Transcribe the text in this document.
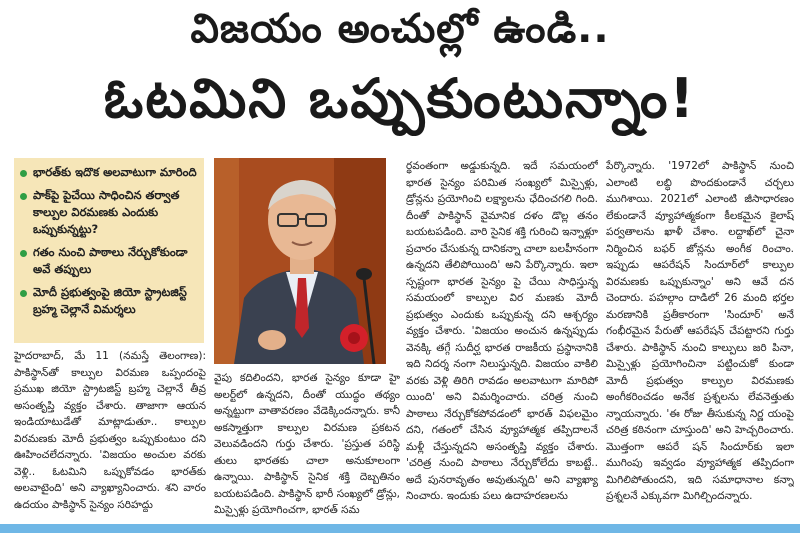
విజయం అంచుల్లో ఉండి..
ఓటమిని ఒప్పుకుంటున్నాం!
భారత్‌కు ఇదొక అలవాటుగా మారింది
పాక్‌పై పైచేయి సాధించిన తర్వాత కాల్పుల విరమణకు ఎందుకు ఒప్పుకున్నట్టు?
గతం నుంచి పాఠాలు నేర్చుకోకుండా అవే తప్పులు
మోదీ ప్రభుత్వంపై జియో స్ట్రాటజిస్ట్ బ్రహ్మ చెల్లానే విమర్శలు
హైదరాబాద్, మే 11 (నమస్తే తెలంగాణ): పాకిస్థాన్‌తో కాల్పుల విరమణ ఒప్పందంపై ప్రముఖ జియో స్ట్రాటజిస్ట్ బ్రహ్మ చెల్లానే తీవ్ర అసంతృప్తి వ్యక్తం చేశారు. తాజాగా ఆయన ఇండియాటుడేతో మాట్లాడుతూ.. కాల్పుల విరమణకు మోదీ ప్రభుత్వం ఒప్పుకుంటుం దని ఊహించలేదన్నారు. 'విజయం అంచుల వరకు వెళ్లి.. ఓటమిని ఒప్పుకోవడం భారత్‌కు అలవాటైంది' అని వ్యాఖ్యానించారు. శని వారం ఉదయం పాకిస్థాన్ సైన్యం సరిహద్దు
వైపు కదిలిందని, భారత సైన్యం కూడా హై అలర్ట్‌లో ఉన్నదని, దీంతో యుద్ధం తథ్యం అన్నట్టుగా వాతావరణం వేడెక్కిందన్నారు. కానీ అకస్మాత్తుగా కాల్పుల విరమణ ప్రకటన వెలువడిందని గుర్తు చేశారు. 'ప్రస్తుత పరిస్థి తులు భారతకు చాలా అనుకూలంగా ఉన్నాయి. పాకిస్థాన్ సైనిక శక్తి దెబ్బతినం బయటపడింది. పాకిస్థాన్ భారీ సంఖ్యలో డ్రోన్లు, మిస్సైళ్లు ప్రయోగించగా, భారత్ సమ
ర్థవంతంగా అడ్డుకున్నది. ఇదే సమయంలో భారత సైన్యం పరిమిత సంఖ్యలో మిస్సైళ్లు, డ్రోన్లను ప్రయోగించి లక్ష్యాలను ఛేదించగలి గింది. దీంతో పాకిస్థాన్ వైమానిక దళం డొల్ల తనం బయటపడింది. వారి సైనిక శక్తి గురించి ఇన్నాళ్లూ ప్రచారం చేసుకున్న దానికన్నా చాలా బలహీనంగా ఉన్నదని తేలిపోయింది' అని పేర్కొన్నారు. ఇలా స్పష్టంగా భారత సైన్యం పై చేయి సాధిస్తున్న సమయంలో కాల్పుల విర మణకు మోదీ ప్రభుత్వం ఎందుకు ఒప్పుకున్న దని ఆశ్చర్యం వ్యక్తం చేశారు. 'విజయం అంచున ఉన్నప్పుడు వెనక్కి తగ్గే సుదీర్ఘ భారత రాజకీయ ప్రస్థానానికి ఇది నిదర్శ నంగా నిలుస్తున్నది. విజయం వాకిలి వరకు వెళ్లి తిరిగి రావడం అలవాటుగా మారిపో యింది' అని విమర్శించారు. చరిత్ర నుంచి పాఠాలు నేర్చుకోకపోవడంలో భారత్ విఫలమైం దని, గతంలో చేసిన వ్యూహాత్మక తప్పిదాలనే మళ్లీ చేస్తున్నదని అసంతృప్తి వ్యక్తం చేశారు. 'చరిత్ర నుంచి పాఠాలు నేర్చుకోలేదు కాబట్టే.. అదే పునరావృతం అవుతున్నది' అని వ్యాఖ్యా నించారు. ఇందుకు పలు ఉదాహరణలను
పేర్కొన్నారు. '1972లో పాకిస్థాన్ నుంచి ఎలాంటి లబ్ధి పొందకుండానే చర్చలు ముగిశాయి. 2021లో ఎలాంటి జీసాధారణం లేకుండానే వ్యూహాత్మకంగా కీలకమైన కైలాష్ పర్వతాలను ఖాళీ చేశాం. లద్దాఖ్‌లో చైనా నిర్మించిన బఫర్ జోన్లను అంగీక రించాం. ఇప్పుడు ఆపరేషన్ సిందూర్‌లో కాల్పుల విరమణకు ఒప్పుకున్నాం' అని ఆవే దన చెందారు. పహల్గాం దాడిలో 26 మంది భర్తల మరణానికి ప్రతీకారంగా 'సిందూర్' అనే గంభీరమైన పేరుతో ఆపరేషన్ చేపట్టారని గుర్తు చేశారు. పాకిస్థాన్ నుంచి కాల్పులు జరి పినా, మిస్సైళ్లు ప్రయోగించినా పట్టించుకో కుండా మోదీ ప్రభుత్వం కాల్పుల విరమణకు అంగీకరించడం అనేక ప్రశ్నలను లేవనెత్తుతు న్నాయన్నారు. 'ఈ రోజు తీసుకున్న నిర్ణ యంపై చరిత్ర కఠినంగా చూస్తుంది' అని హెచ్చరించారు. మొత్తంగా ఆపరే షన్ సిందూర్‌కు ఇలా ముగింపు ఇవ్వడం వ్యూహాత్మక తప్పిదంగా మిగిలిపోతుందని, ఇది సమాధానాల కన్నా ప్రశ్నలనే ఎక్కువగా మిగిల్చిందన్నారు.
